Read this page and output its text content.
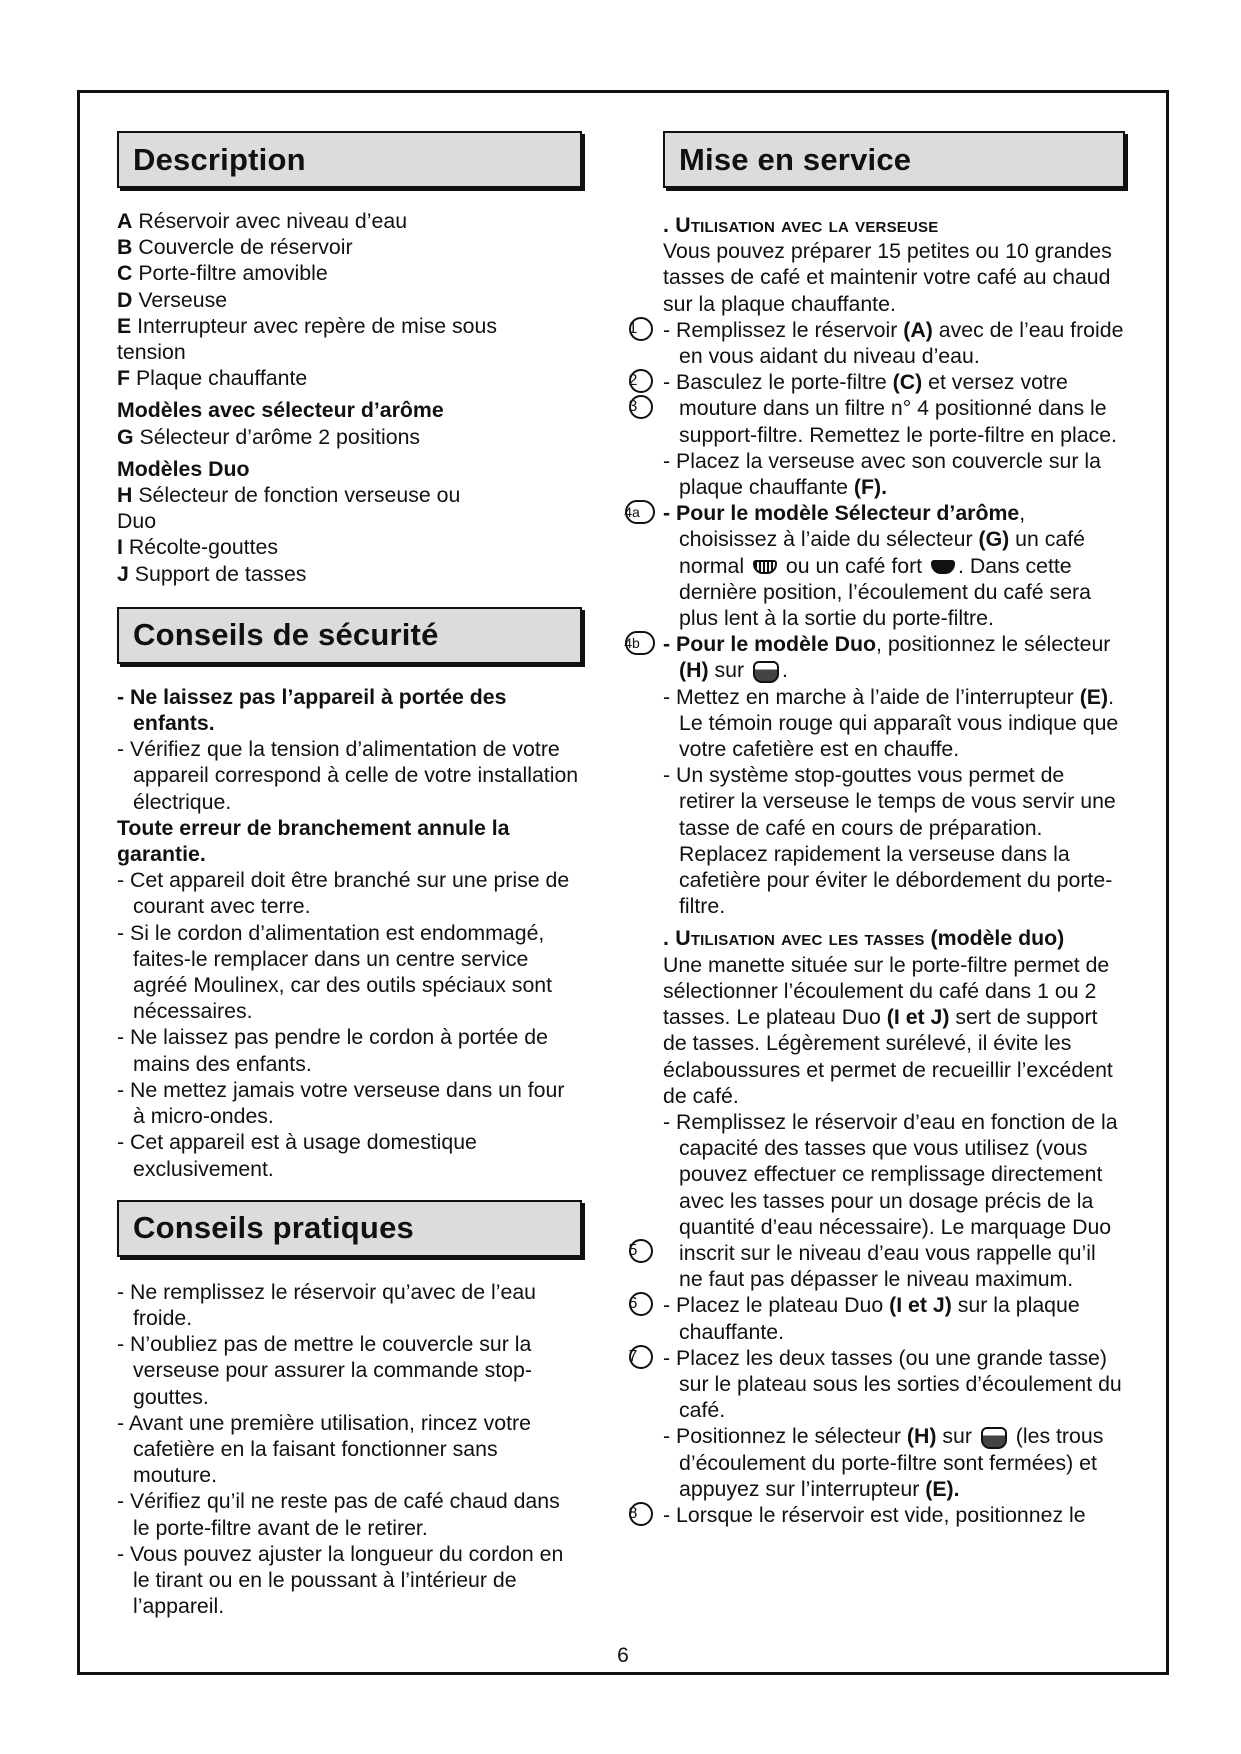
Description
A Réservoir avec niveau d’eau
B Couvercle de réservoir
C Porte-filtre amovible
D Verseuse
E Interrupteur avec repère de mise sous
tension
F Plaque chauffante
Modèles avec sélecteur d’arôme
G Sélecteur d’arôme 2 positions
Modèles Duo
H Sélecteur de fonction verseuse ou
Duo
I Récolte-gouttes
J Support de tasses
Conseils de sécurité
- Ne laissez pas l’appareil à portée des enfants.
- Vérifiez que la tension d’alimentation de votre appareil correspond à celle de votre installation électrique.
Toute erreur de branchement annule la garantie.
- Cet appareil doit être branché sur une prise de courant avec terre.
- Si le cordon d’alimentation est endommagé, faites-le remplacer dans un centre service agréé Moulinex, car des outils spéciaux sont nécessaires.
- Ne laissez pas pendre le cordon à portée de mains des enfants.
- Ne mettez jamais votre verseuse dans un four à micro-ondes.
- Cet appareil est à usage domestique exclusivement.
Conseils pratiques
- Ne remplissez le réservoir qu’avec de l’eau froide.
- N’oubliez pas de mettre le couvercle sur la verseuse pour assurer la commande stop-gouttes.
- Avant une première utilisation, rincez votre cafetière en la faisant fonctionner sans mouture.
- Vérifiez qu’il ne reste pas de café chaud dans le porte-filtre avant de le retirer.
- Vous pouvez ajuster la longueur du cordon en le tirant ou en le poussant à l’intérieur de l’appareil.
Mise en service
. Utilisation avec la verseuse
Vous pouvez préparer 15 petites ou 10 grandes tasses de café et maintenir votre café au chaud sur la plaque chauffante.
1	- Remplissez le réservoir (A) avec de l’eau froide en vous aidant du niveau d’eau.
2
3
- Basculez le porte-filtre (C) et versez votre mouture dans un filtre n° 4 positionné dans le support-filtre. Remettez le porte-filtre en place.
- Placez la verseuse avec son couvercle sur la plaque chauffante (F).
4a	- Pour le modèle Sélecteur d’arôme, choisissez à l’aide du sélecteur (G) un café normal  ou un café fort . Dans cette dernière position, l’écoulement du café sera plus lent à la sortie du porte-filtre.
4b	- Pour le modèle Duo, positionnez le sélecteur (H) sur .
- Mettez en marche à l’aide de l’interrupteur (E). Le témoin rouge qui apparaît vous indique que votre cafetière est en chauffe.
- Un système stop-gouttes vous permet de retirer la verseuse le temps de vous servir une tasse de café en cours de préparation. Replacez rapidement la verseuse dans la cafetière pour éviter le débordement du porte-filtre.
. Utilisation avec les tasses (modèle duo)
Une manette située sur le porte-filtre permet de sélectionner l’écoulement du café dans 1 ou 2 tasses. Le plateau Duo (I et J) sert de support de tasses. Légèrement surélevé, il évite les éclaboussures et permet de recueillir l’excédent de café.
5
- Remplissez le réservoir d’eau en fonction de la capacité des tasses que vous utilisez (vous pouvez effectuer ce remplissage directement avec les tasses pour un dosage précis de la quantité d’eau nécessaire). Le marquage Duo inscrit sur le niveau d’eau vous rappelle qu’il ne faut pas dépasser le niveau maximum.
6	- Placez le plateau Duo (I et J) sur la plaque chauffante.
7	- Placez les deux tasses (ou une grande tasse) sur le plateau sous les sorties d’écoulement du café.
- Positionnez le sélecteur (H) sur  (les trous d’écoulement du porte-filtre sont fermées) et appuyez sur l’interrupteur (E).
8	- Lorsque le réservoir est vide, positionnez le
6
